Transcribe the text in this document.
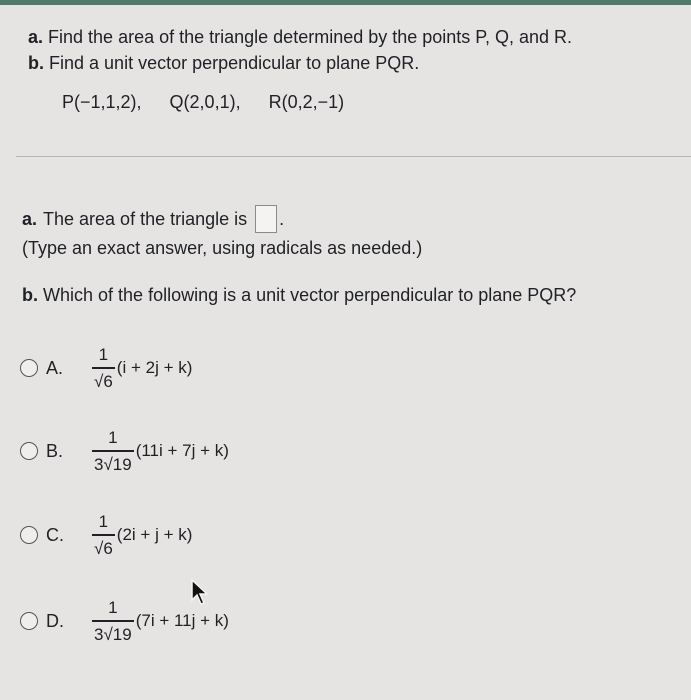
a. Find the area of the triangle determined by the points P, Q, and R.
b. Find a unit vector perpendicular to plane PQR.
P(−1,1,2), Q(2,0,1), R(0,2,−1)
a. The area of the triangle is .
(Type an exact answer, using radicals as needed.)
b. Which of the following is a unit vector perpendicular to plane PQR?
A.	$\frac{1}{√6} (i + 2j + k)$
B.	$\frac{1}{3√19} (11i + 7j + k)$
C.	$\frac{1}{√6} (2i + j + k)$
D.	$\frac{1}{3√19} (7i + 11j + k)$
